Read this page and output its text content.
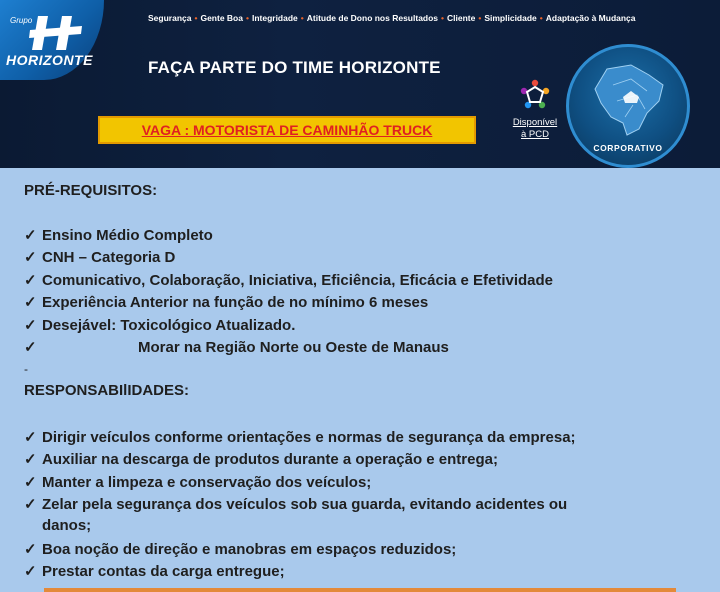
Grupo
HORIZONTE
Segurança • Gente Boa • Integridade • Atitude de Dono nos Resultados • Cliente • Simplicidade • Adaptação à Mudança
FAÇA PARTE DO TIME HORIZONTE
VAGA : MOTORISTA DE CAMINHÃO TRUCK	Disponível
à PCD
CORPORATIVO
PRÉ-REQUISITOS:
✓ Ensino Médio Completo
✓ CNH – Categoria D
✓ Comunicativo, Colaboração, Iniciativa, Eficiência, Eficácia e Efetividade
✓ Experiência Anterior na função de no mínimo 6 meses
✓ Desejável: Toxicológico Atualizado.
✓	Morar na Região Norte ou Oeste de Manaus
-
RESPONSABIlIDADES:
✓ Dirigir veículos conforme orientações e normas de segurança da empresa;
✓ Auxiliar na descarga de produtos durante a operação e entrega;
✓ Manter a limpeza e conservação dos veículos;
✓ Zelar pela segurança dos veículos sob sua guarda, evitando acidentes ou
danos;
✓ Boa noção de direção e manobras em espaços reduzidos;
✓ Prestar contas da carga entregue;
